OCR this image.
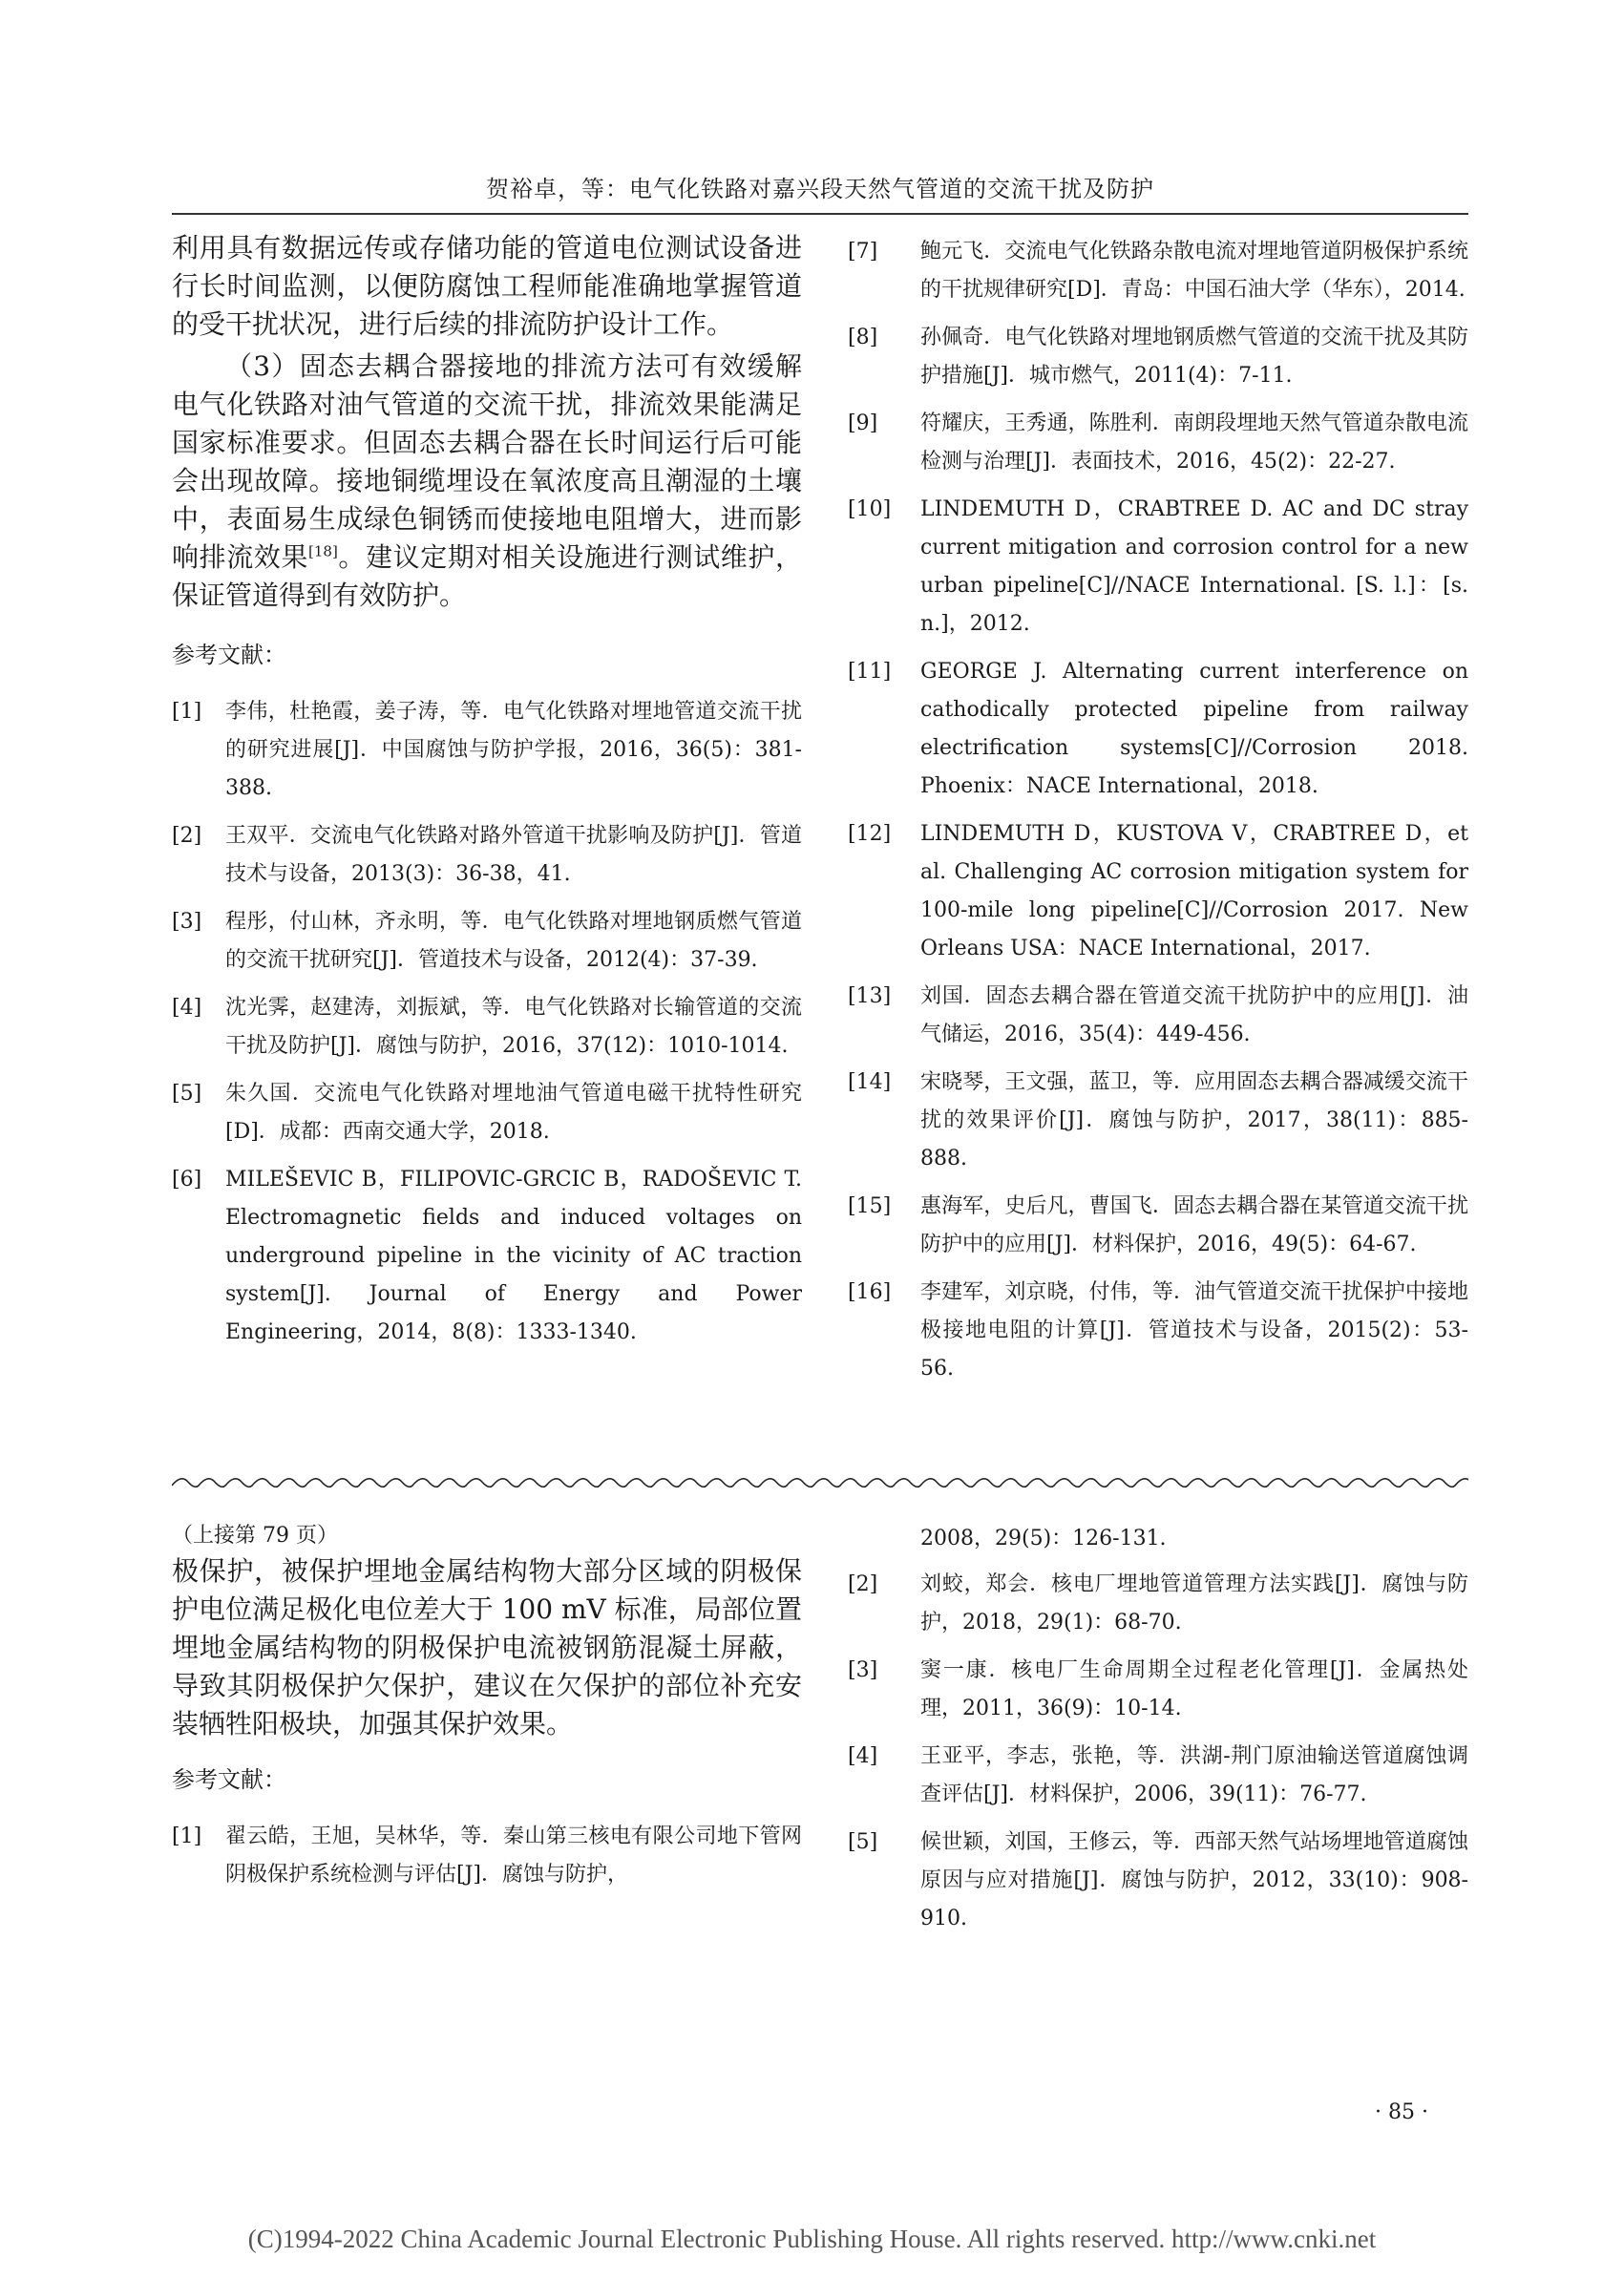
贺裕卓，等：电气化铁路对嘉兴段天然气管道的交流干扰及防护

利用具有数据远传或存储功能的管道电位测试设备进行长时间监测，以便防腐蚀工程师能准确地掌握管道的受干扰状况，进行后续的排流防护设计工作。

（3）固态去耦合器接地的排流方法可有效缓解电气化铁路对油气管道的交流干扰，排流效果能满足国家标准要求。但固态去耦合器在长时间运行后可能会出现故障。接地铜缆埋设在氧浓度高且潮湿的土壤中，表面易生成绿色铜锈而使接地电阻增大，进而影响排流效果[18]。建议定期对相关设施进行测试维护，保证管道得到有效防护。

参考文献：

[1]	李伟，杜艳霞，姜子涛，等．电气化铁路对埋地管道交流干扰的研究进展[J]．中国腐蚀与防护学报，2016，36(5)：381-388.

[2]	王双平．交流电气化铁路对路外管道干扰影响及防护[J]．管道技术与设备，2013(3)：36-38，41.

[3]	程彤，付山林，齐永明，等．电气化铁路对埋地钢质燃气管道的交流干扰研究[J]．管道技术与设备，2012(4)：37-39.

[4]	沈光霁，赵建涛，刘振斌，等．电气化铁路对长输管道的交流干扰及防护[J]．腐蚀与防护，2016，37(12)：1010-1014.

[5]	朱久国．交流电气化铁路对埋地油气管道电磁干扰特性研究[D]．成都：西南交通大学，2018.

[6]	MILEŠEVIC B，FILIPOVIC-GRCIC B，RADOŠEVIC T. Electromagnetic fields and induced voltages on underground pipeline in the vicinity of AC traction system[J]. Journal of Energy and Power Engineering，2014，8(8)：1333-1340.

[7]	鲍元飞．交流电气化铁路杂散电流对埋地管道阴极保护系统的干扰规律研究[D]．青岛：中国石油大学（华东），2014.

[8]	孙佩奇．电气化铁路对埋地钢质燃气管道的交流干扰及其防护措施[J]．城市燃气，2011(4)：7-11.

[9]	符耀庆，王秀通，陈胜利．南朗段埋地天然气管道杂散电流检测与治理[J]．表面技术，2016，45(2)：22-27.

[10]	LINDEMUTH D，CRABTREE D. AC and DC stray current mitigation and corrosion control for a new urban pipeline[C]//NACE International. [S. l.]：[s. n.]，2012.

[11]	GEORGE J. Alternating current interference on cathodically protected pipeline from railway electrification systems[C]//Corrosion 2018. Phoenix：NACE International，2018.

[12]	LINDEMUTH D，KUSTOVA V，CRABTREE D，et al. Challenging AC corrosion mitigation system for 100-mile long pipeline[C]//Corrosion 2017. New Orleans USA：NACE International，2017.

[13]	刘国．固态去耦合器在管道交流干扰防护中的应用[J]．油气储运，2016，35(4)：449-456.

[14]	宋晓琴，王文强，蓝卫，等．应用固态去耦合器减缓交流干扰的效果评价[J]．腐蚀与防护，2017，38(11)：885-888.

[15]	惠海军，史后凡，曹国飞．固态去耦合器在某管道交流干扰防护中的应用[J]．材料保护，2016，49(5)：64-67.

[16]	李建军，刘京晓，付伟，等．油气管道交流干扰保护中接地极接地电阻的计算[J]．管道技术与设备，2015(2)：53-56.

（上接第 79 页）

极保护，被保护埋地金属结构物大部分区域的阴极保护电位满足极化电位差大于 100 mV 标准，局部位置埋地金属结构物的阴极保护电流被钢筋混凝土屏蔽，导致其阴极保护欠保护，建议在欠保护的部位补充安装牺牲阳极块，加强其保护效果。

参考文献：

[1]	翟云皓，王旭，吴林华，等．秦山第三核电有限公司地下管网阴极保护系统检测与评估[J]．腐蚀与防护，

2008，29(5)：126-131.

[2]	刘蛟，郑会．核电厂埋地管道管理方法实践[J]．腐蚀与防护，2018，29(1)：68-70.

[3]	窦一康．核电厂生命周期全过程老化管理[J]．金属热处理，2011，36(9)：10-14.

[4]	王亚平，李志，张艳，等．洪湖-荆门原油输送管道腐蚀调查评估[J]．材料保护，2006，39(11)：76-77.

[5]	候世颖，刘国，王修云，等．西部天然气站场埋地管道腐蚀原因与应对措施[J]．腐蚀与防护，2012，33(10)：908-910.

· 85 ·
(C)1994-2022 China Academic Journal Electronic Publishing House. All rights reserved. http://www.cnki.net
